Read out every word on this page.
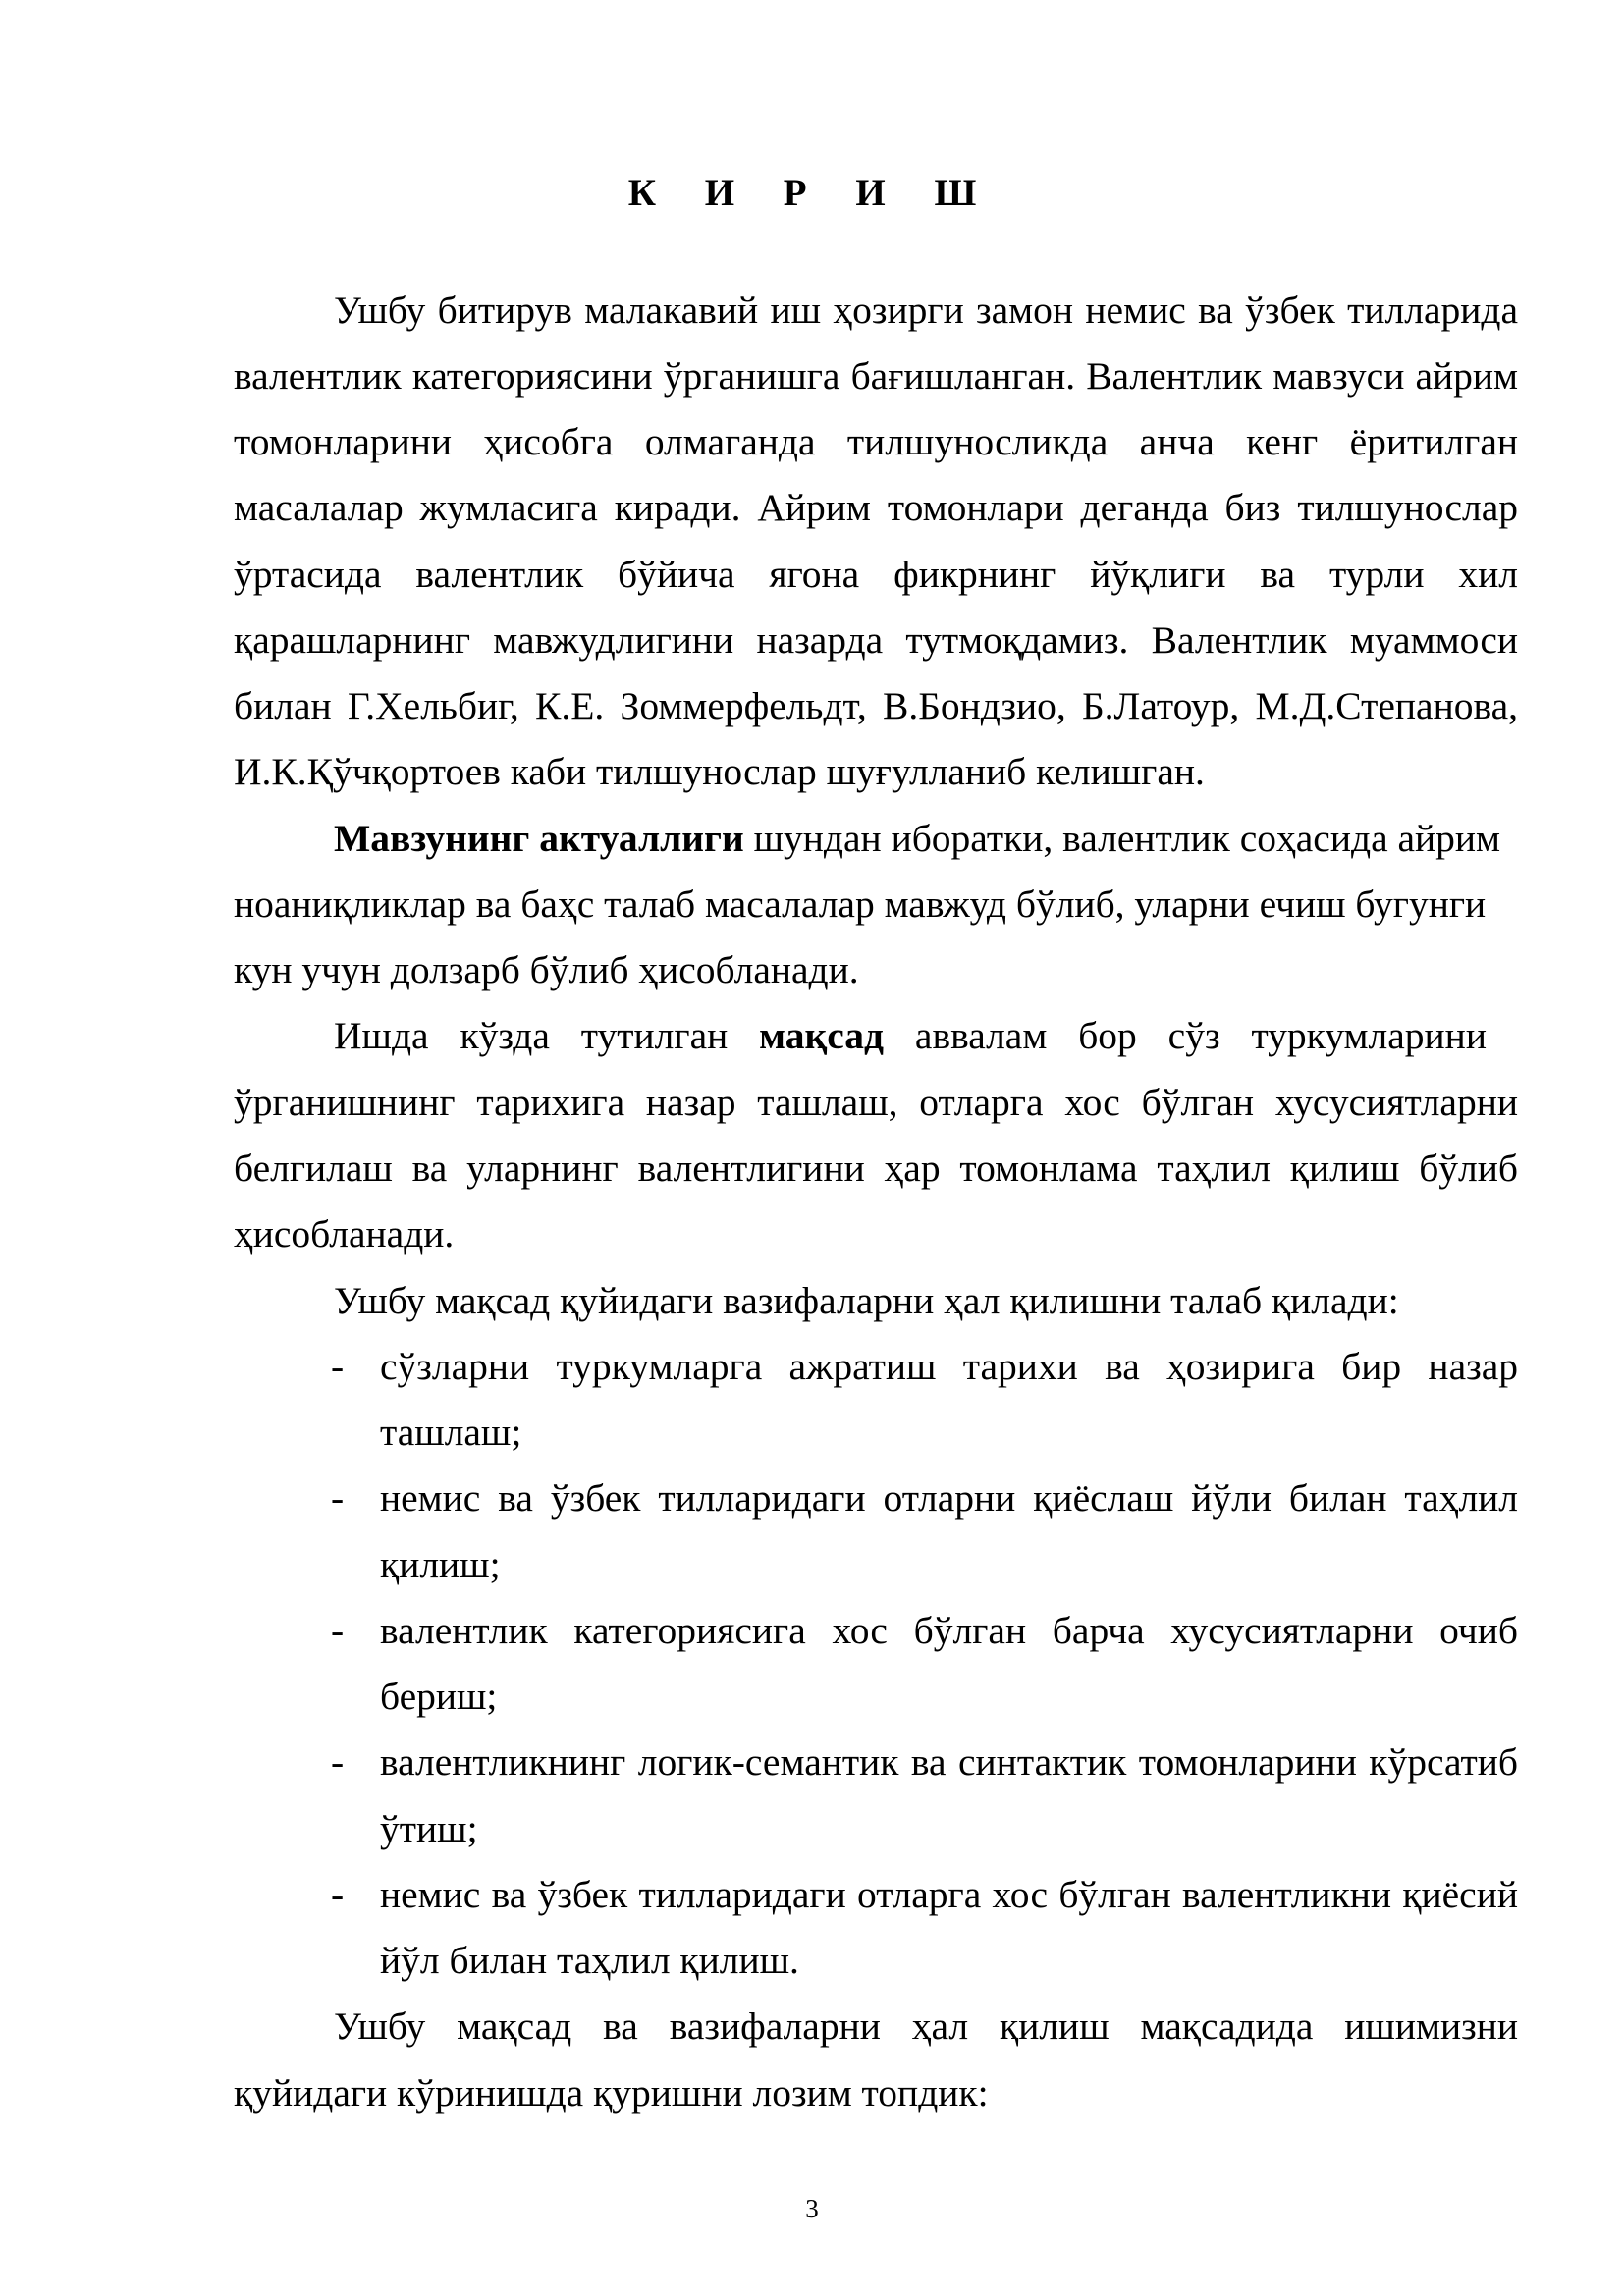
К И Р И Ш
Ушбу битирув малакавий иш ҳозирги замон немис ва ўзбек тилларида
валентлик категориясини ўрганишга бағишланган. Валентлик мавзуси айрим
томонларини ҳисобга олмаганда тилшуносликда анча кенг ёритилган
масалалар жумласига киради. Айрим томонлари деганда биз тилшунослар
ўртасида валентлик бўйича ягона фикрнинг йўқлиги ва турли хил
қарашларнинг мавжудлигини назарда тутмоқдамиз. Валентлик муаммоси
билан Г.Хельбиг, К.Е. Зоммерфельдт, В.Бондзио, Б.Латоур, М.Д.Степанова,
И.К.Қўчқортоев каби тилшунослар шуғулланиб келишган.
Мавзунинг актуаллиги шундан иборатки, валентлик соҳасида айрим
ноаниқликлар ва баҳс талаб масалалар мавжуд бўлиб, уларни ечиш бугунги
кун учун долзарб бўлиб ҳисобланади.
Ишда кўзда тутилган мақсад аввалам бор сўз туркумларини
ўрганишнинг тарихига назар ташлаш, отларга хос бўлган хусусиятларни
белгилаш ва уларнинг валентлигини ҳар томонлама таҳлил қилиш бўлиб
ҳисобланади.
Ушбу мақсад қуйидаги вазифаларни ҳал қилишни талаб қилади:
- сўзларни туркумларга ажратиш тарихи ва ҳозирига бир назар
ташлаш;
- немис ва ўзбек тилларидаги отларни қиёслаш йўли билан таҳлил
қилиш;
- валентлик категориясига хос бўлган барча хусусиятларни очиб
бериш;
- валентликнинг логик-семантик ва синтактик томонларини кўрсатиб
ўтиш;
- немис ва ўзбек тилларидаги отларга хос бўлган валентликни қиёсий
йўл билан таҳлил қилиш.
Ушбу мақсад ва вазифаларни ҳал қилиш мақсадида ишимизни
қуйидаги кўринишда қуришни лозим топдик:
3
